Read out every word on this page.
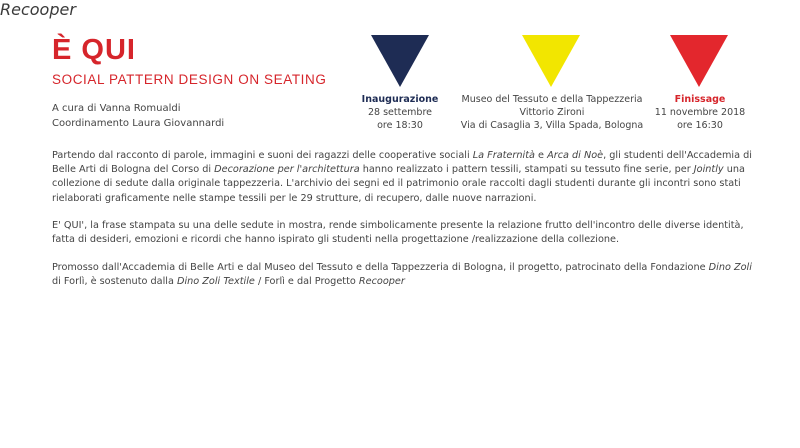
È QUI
SOCIAL PATTERN DESIGN ON SEATING
A cura di Vanna Romualdi
Coordinamento Laura Giovannardi
Inaugurazione
28 settembre
ore 18:30
Museo del Tessuto e della Tappezzeria
Vittorio Zironi
Via di Casaglia 3, Villa Spada, Bologna
Finissage
11 novembre 2018
ore 16:30

Partendo dal racconto di parole, immagini e suoni dei ragazzi delle cooperative sociali La Fraternità e Arca di Noè, gli studenti dell'Accademia di Belle Arti di Bologna del Corso di Decorazione per l'architettura hanno realizzato i pattern tessili, stampati su tessuto fine serie, per Jointly una collezione di sedute dalla originale tappezzeria. L'archivio dei segni ed il patrimonio orale raccolti dagli studenti durante gli incontri sono stati rielaborati graficamente nelle stampe tessili per le 29 strutture, di recupero, dalle nuove narrazioni.

E' QUI', la frase stampata su una delle sedute in mostra, rende simbolicamente presente la relazione frutto dell'incontro delle diverse identità, fatta di desideri, emozioni e ricordi che hanno ispirato gli studenti nella progettazione /realizzazione della collezione.

Promosso dall'Accademia di Belle Arti e dal Museo del Tessuto e della Tappezzeria di Bologna, il progetto, patrocinato della Fondazione Dino Zoli di Forlì, è sostenuto dalla Dino Zoli Textile / Forlì e dal Progetto Recooper

Recooper
